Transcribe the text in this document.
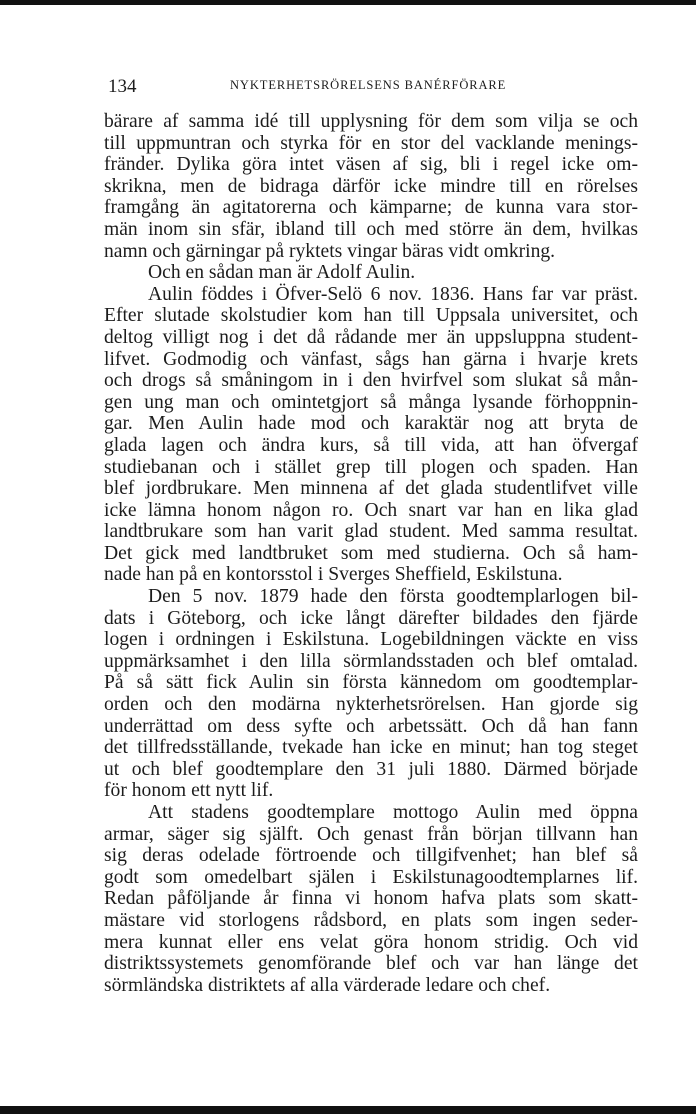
134	NYKTERHETSRÖRELSENS BANÉRFÖRARE
bärare af samma idé till upplysning för dem som vilja se och
till uppmuntran och styrka för en stor del vacklande menings-
fränder. Dylika göra intet väsen af sig, bli i regel icke om-
skrikna, men de bidraga därför icke mindre till en rörelses
framgång än agitatorerna och kämparne; de kunna vara stor-
män inom sin sfär, ibland till och med större än dem, hvilkas
namn och gärningar på ryktets vingar bäras vidt omkring.
Och en sådan man är Adolf Aulin.
Aulin föddes i Öfver-Selö 6 nov. 1836. Hans far var präst.
Efter slutade skolstudier kom han till Uppsala universitet, och
deltog villigt nog i det då rådande mer än uppsluppna student-
lifvet. Godmodig och vänfast, sågs han gärna i hvarje krets
och drogs så småningom in i den hvirfvel som slukat så mån-
gen ung man och omintetgjort så många lysande förhoppnin-
gar. Men Aulin hade mod och karaktär nog att bryta de
glada lagen och ändra kurs, så till vida, att han öfvergaf
studiebanan och i stället grep till plogen och spaden. Han
blef jordbrukare. Men minnena af det glada studentlifvet ville
icke lämna honom någon ro. Och snart var han en lika glad
landtbrukare som han varit glad student. Med samma resultat.
Det gick med landtbruket som med studierna. Och så ham-
nade han på en kontorsstol i Sverges Sheffield, Eskilstuna.
Den 5 nov. 1879 hade den första goodtemplarlogen bil-
dats i Göteborg, och icke långt därefter bildades den fjärde
logen i ordningen i Eskilstuna. Logebildningen väckte en viss
uppmärksamhet i den lilla sörmlandsstaden och blef omtalad.
På så sätt fick Aulin sin första kännedom om goodtemplar-
orden och den modärna nykterhetsrörelsen. Han gjorde sig
underrättad om dess syfte och arbetssätt. Och då han fann
det tillfredsställande, tvekade han icke en minut; han tog steget
ut och blef goodtemplare den 31 juli 1880. Därmed började
för honom ett nytt lif.
Att stadens goodtemplare mottogo Aulin med öppna
armar, säger sig själft. Och genast från början tillvann han
sig deras odelade förtroende och tillgifvenhet; han blef så
godt som omedelbart själen i Eskilstunagoodtemplarnes lif.
Redan påföljande år finna vi honom hafva plats som skatt-
mästare vid storlogens rådsbord, en plats som ingen seder-
mera kunnat eller ens velat göra honom stridig. Och vid
distriktssystemets genomförande blef och var han länge det
sörmländska distriktets af alla värderade ledare och chef.
